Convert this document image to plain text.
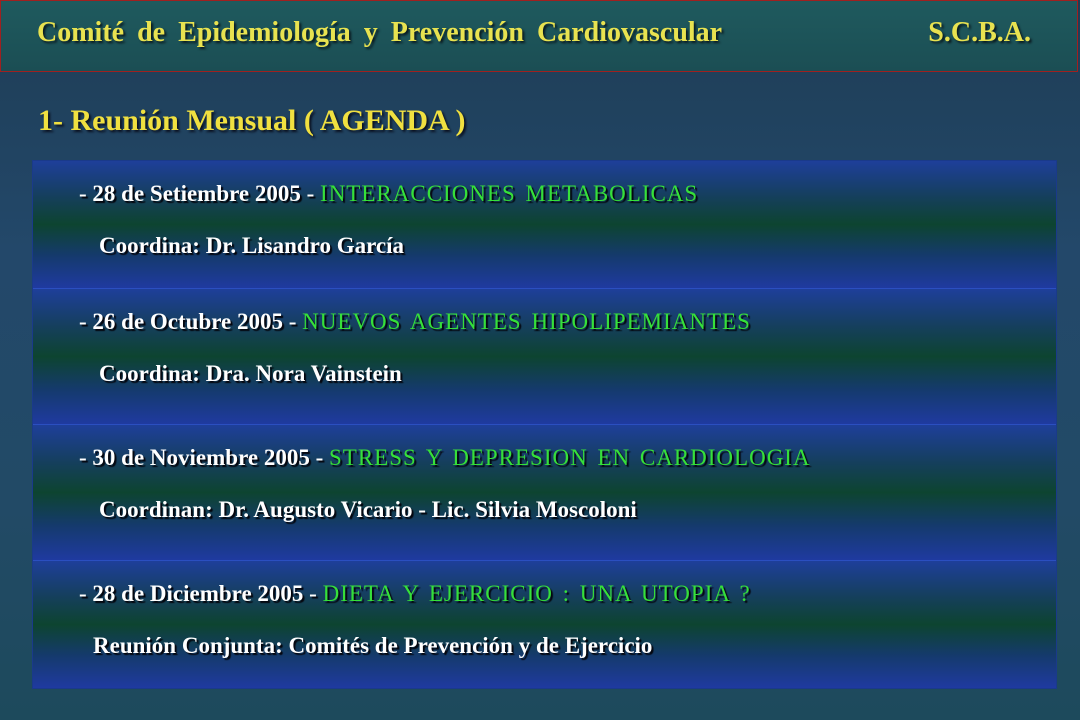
Comité de Epidemiología y Prevención Cardiovascular	S.C.B.A.
1- Reunión Mensual ( AGENDA )
- 28 de Setiembre 2005 - INTERACCIONES METABOLICAS
Coordina: Dr. Lisandro García
- 26 de Octubre 2005 - NUEVOS AGENTES HIPOLIPEMIANTES
Coordina: Dra. Nora Vainstein
- 30 de Noviembre 2005 - STRESS Y DEPRESION EN CARDIOLOGIA
Coordinan: Dr. Augusto Vicario - Lic. Silvia Moscoloni
- 28 de Diciembre 2005 - DIETA Y EJERCICIO : UNA UTOPIA ?
Reunión Conjunta: Comités de Prevención y de Ejercicio
